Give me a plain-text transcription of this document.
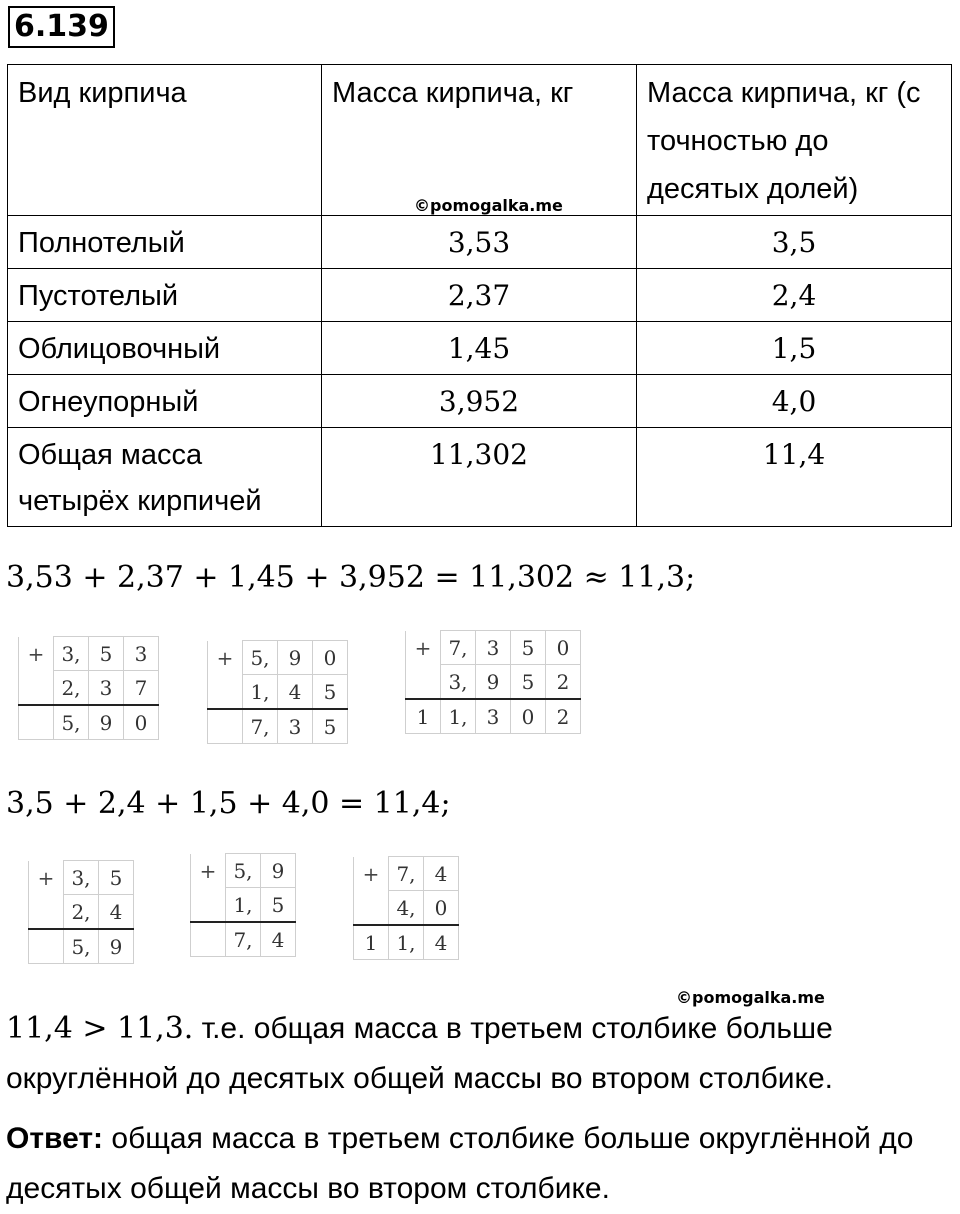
6.139
Вид кирпича	Масса кирпича, кг	Масса кирпича, кг (с точностью до десятых долей)
Полнотелый	3,53	3,5
Пустотелый	2,37	2,4
Облицовочный	1,45	1,5
Огнеупорный	3,952	4,0
Общая масса четырёх кирпичей	11,302	11,4
©pomogalka.me
3,53 + 2,37 + 1,45 + 3,952 = 11,302 ≈ 11,3;
+	3,	5	3
	2,	3	7
	5,	9	0
+	5,	9	0
	1,	4	5
	7,	3	5
+	7,	3	5	0
	3,	9	5	2
1	1,	3	0	2
3,5 + 2,4 + 1,5 + 4,0 = 11,4;
+	3,	5
	2,	4
	5,	9
+	5,	9
	1,	5
	7,	4
+	7,	4
	4,	0
1	1,	4
©pomogalka.me
11,4 > 11,3. т.е. общая масса в третьем столбике больше округлённой до десятых общей массы во втором столбике.
Ответ: общая масса в третьем столбике больше округлённой до десятых общей массы во втором столбике.
